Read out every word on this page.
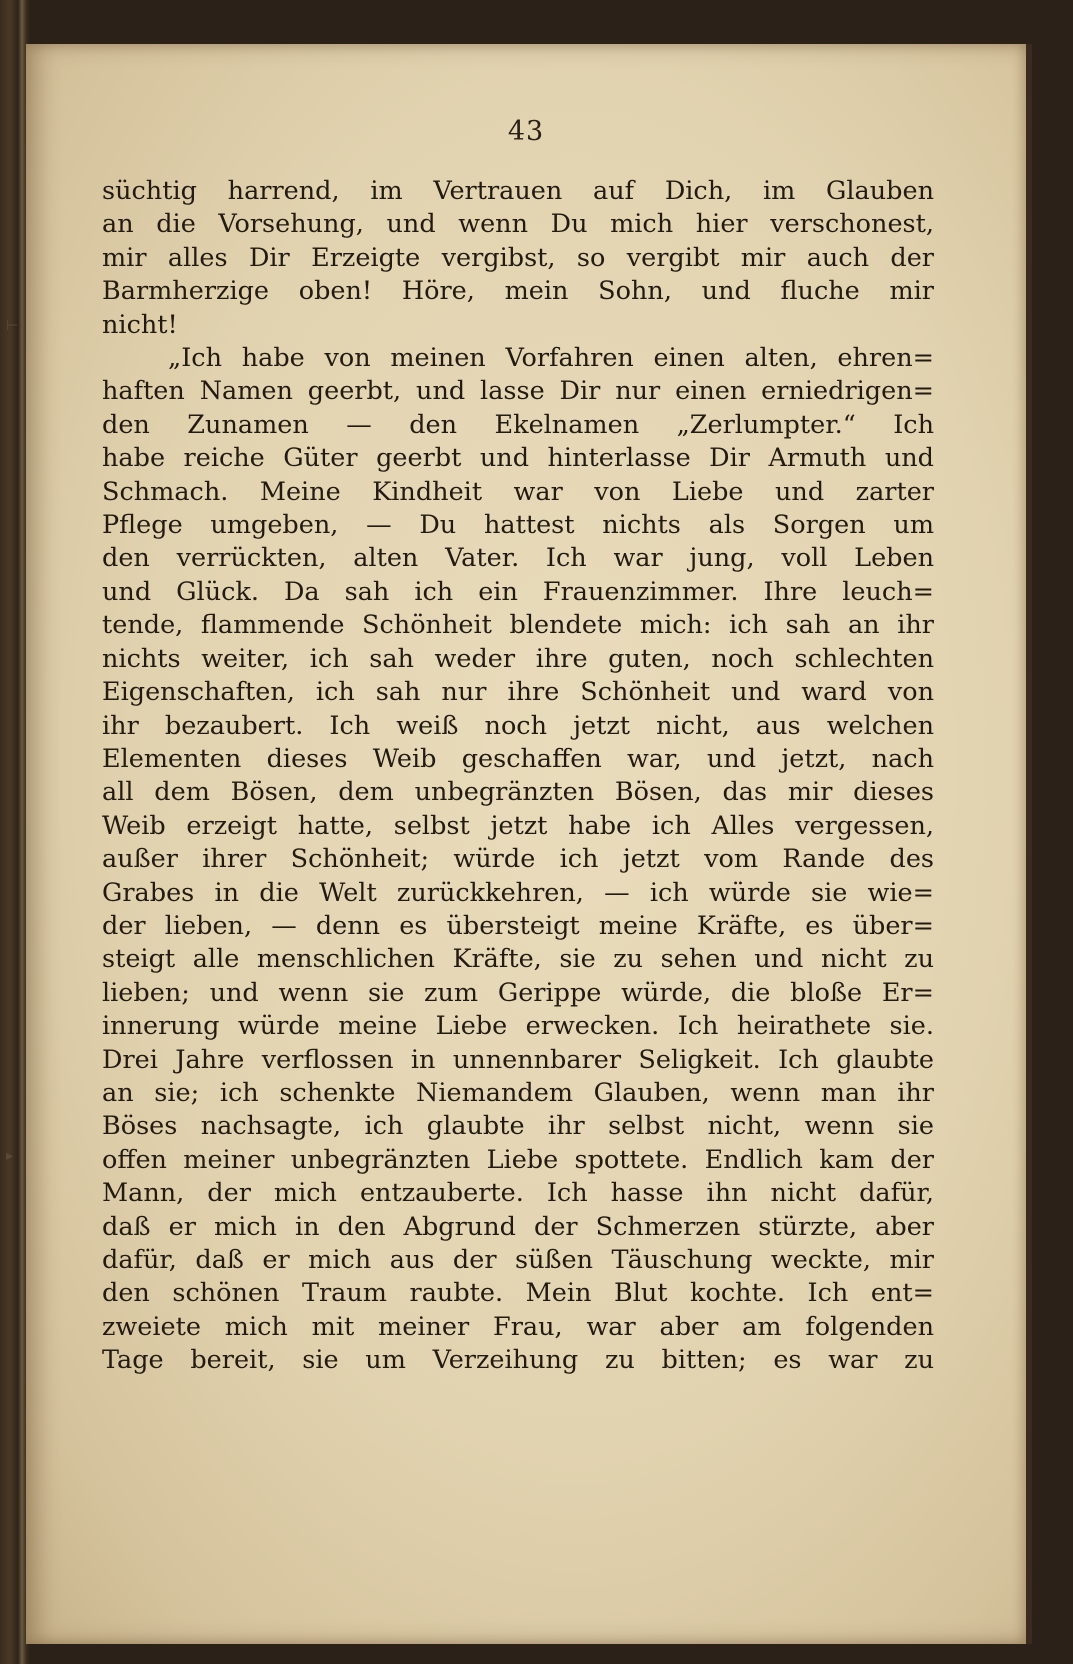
⊢
▸
43
süchtig harrend, im Vertrauen auf Dich, im Glauben
an die Vorsehung, und wenn Du mich hier verschonest,
mir alles Dir Erzeigte vergibst, so vergibt mir auch der
Barmherzige oben! Höre, mein Sohn, und fluche mir
nicht!
„Ich habe von meinen Vorfahren einen alten, ehren=
haften Namen geerbt, und lasse Dir nur einen erniedrigen=
den Zunamen — den Ekelnamen „Zerlumpter.“ Ich
habe reiche Güter geerbt und hinterlasse Dir Armuth und
Schmach. Meine Kindheit war von Liebe und zarter
Pflege umgeben, — Du hattest nichts als Sorgen um
den verrückten, alten Vater. Ich war jung, voll Leben
und Glück. Da sah ich ein Frauenzimmer. Ihre leuch=
tende, flammende Schönheit blendete mich: ich sah an ihr
nichts weiter, ich sah weder ihre guten, noch schlechten
Eigenschaften, ich sah nur ihre Schönheit und ward von
ihr bezaubert. Ich weiß noch jetzt nicht, aus welchen
Elementen dieses Weib geschaffen war, und jetzt, nach
all dem Bösen, dem unbegränzten Bösen, das mir dieses
Weib erzeigt hatte, selbst jetzt habe ich Alles vergessen,
außer ihrer Schönheit; würde ich jetzt vom Rande des
Grabes in die Welt zurückkehren, — ich würde sie wie=
der lieben, — denn es übersteigt meine Kräfte, es über=
steigt alle menschlichen Kräfte, sie zu sehen und nicht zu
lieben; und wenn sie zum Gerippe würde, die bloße Er=
innerung würde meine Liebe erwecken. Ich heirathete sie.
Drei Jahre verflossen in unnennbarer Seligkeit. Ich glaubte
an sie; ich schenkte Niemandem Glauben, wenn man ihr
Böses nachsagte, ich glaubte ihr selbst nicht, wenn sie
offen meiner unbegränzten Liebe spottete. Endlich kam der
Mann, der mich entzauberte. Ich hasse ihn nicht dafür,
daß er mich in den Abgrund der Schmerzen stürzte, aber
dafür, daß er mich aus der süßen Täuschung weckte, mir
den schönen Traum raubte. Mein Blut kochte. Ich ent=
zweiete mich mit meiner Frau, war aber am folgenden
Tage bereit, sie um Verzeihung zu bitten; es war zu
